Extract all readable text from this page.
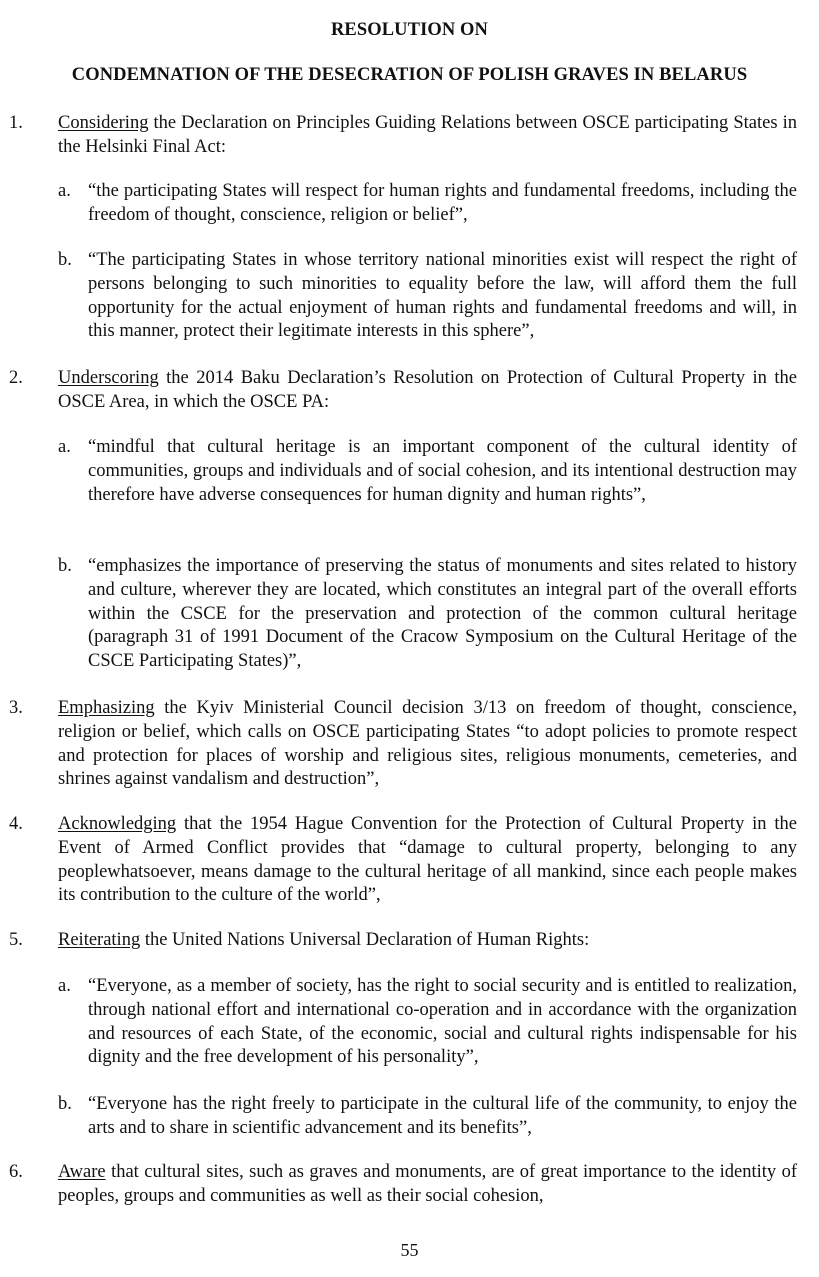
RESOLUTION ON
CONDEMNATION OF THE DESECRATION OF POLISH GRAVES IN BELARUS
1. Considering the Declaration on Principles Guiding Relations between OSCE participating States in the Helsinki Final Act:
a. “the participating States will respect for human rights and fundamental freedoms, including the freedom of thought, conscience, religion or belief”,
b. “The participating States in whose territory national minorities exist will respect the right of persons belonging to such minorities to equality before the law, will afford them the full opportunity for the actual enjoyment of human rights and fundamental freedoms and will, in this manner, protect their legitimate interests in this sphere”,
2. Underscoring the 2014 Baku Declaration’s Resolution on Protection of Cultural Property in the OSCE Area, in which the OSCE PA:
a. “mindful that cultural heritage is an important component of the cultural identity of communities, groups and individuals and of social cohesion, and its intentional destruction may therefore have adverse consequences for human dignity and human rights”,
b. “emphasizes the importance of preserving the status of monuments and sites related to history and culture, wherever they are located, which constitutes an integral part of the overall efforts within the CSCE for the preservation and protection of the common cultural heritage (paragraph 31 of 1991 Document of the Cracow Symposium on the Cultural Heritage of the CSCE Participating States)”,
3. Emphasizing the Kyiv Ministerial Council decision 3/13 on freedom of thought, conscience, religion or belief, which calls on OSCE participating States “to adopt policies to promote respect and protection for places of worship and religious sites, religious monuments, cemeteries, and shrines against vandalism and destruction”,
4. Acknowledging that the 1954 Hague Convention for the Protection of Cultural Property in the Event of Armed Conflict provides that “damage to cultural property, belonging to any peoplewhatsoever, means damage to the cultural heritage of all mankind, since each people makes its contribution to the culture of the world”,
5. Reiterating the United Nations Universal Declaration of Human Rights:
a. “Everyone, as a member of society, has the right to social security and is entitled to realization, through national effort and international co-operation and in accordance with the organization and resources of each State, of the economic, social and cultural rights indispensable for his dignity and the free development of his personality”,
b. “Everyone has the right freely to participate in the cultural life of the community, to enjoy the arts and to share in scientific advancement and its benefits”,
6. Aware that cultural sites, such as graves and monuments, are of great importance to the identity of peoples, groups and communities as well as their social cohesion,
55
